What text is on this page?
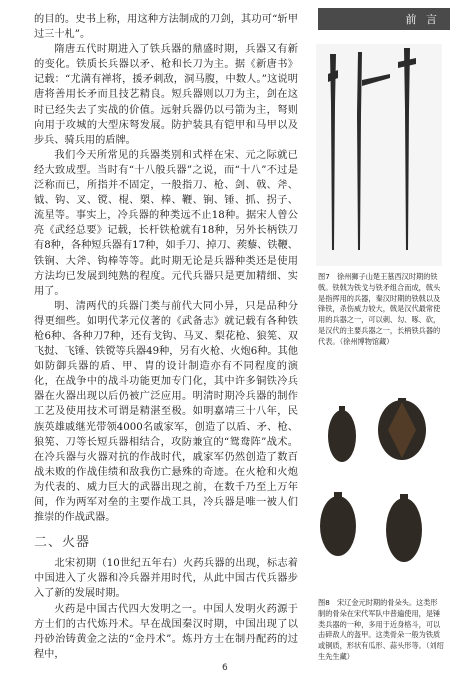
前 言

的目的。史书上称，用这种方法制成的刀剑，其功可“斩甲过三十札”。

隋唐五代时期进入了铁兵器的鼎盛时期，兵器又有新的变化。铁质长兵器以矛、枪和长刀为主。据《新唐书》记载：“尤满有禅将，援矛刺敌，洞马腹，中数人。”这说明唐将善用长矛而且技艺精良。短兵器则以刀为主，剑在这时已经失去了实战的价值。远射兵器仍以弓箭为主，弩则向用于攻城的大型床弩发展。防护装具有铠甲和马甲以及步兵、骑兵用的盾牌。

我们今天所常见的兵器类别和式样在宋、元之际就已经大致成型。当时有“十八般兵器”之说，而“十八”不过是泛称而已，所指并不固定，一般指刀、枪、剑、戟、斧、钺、钩、叉、镋、棍、槊、棒、鞭、锏、锤、抓、拐子、流星等。事实上，冷兵器的种类远不止18种。据宋人曾公亮《武经总要》记载，长杆铁枪就有18种，另外长柄铁刀有8种，各种短兵器有17种，如手刀、掉刀、蒺藜、铁鞭、铁锏、大斧、钩棒等等。此时期无论是兵器种类还是使用方法均已发展到纯熟的程度。元代兵器只是更加精细、实用了。

明、清两代的兵器门类与前代大同小异，只是品种分得更细些。如明代茅元仪著的《武备志》就记载有各种铁枪6种、各种刀7种，还有戈钩、马叉、梨花枪、狼筅、双飞挝、飞锤、铁镋等兵器49种，另有火枪、火炮6种。其他如防御兵器的盾、甲、胄的设计制造亦有不同程度的演化，在战争中的战斗功能更加专门化，其中许多铜铁冷兵器在火器出现以后仍被广泛应用。明清时期冷兵器的制作工艺及使用技术可谓是精湛至极。如明嘉靖三十八年，民族英雄戚继光带领4000名戚家军，创造了以盾、矛、枪、狼筅、刀等长短兵器相结合，攻防兼宜的“鸳鸯阵”战术。在冷兵器与火器对抗的作战时代，戚家军仍然创造了数百战未败的作战佳绩和敌我伤亡悬殊的奇迹。在火枪和火炮为代表的、威力巨大的武器出现之前，在数千乃至上万年间，作为两军对垒的主要作战工具，冷兵器是唯一被人们推崇的作战武器。

二、火器

北宋初期（10世纪五年右）火药兵器的出现，标志着中国进入了火器和冷兵器并用时代，从此中国古代兵器步入了新的发展时期。

火药是中国古代四大发明之一。中国人发明火药源于方士们的古代炼丹术。早在战国秦汉时期，中国出现了以丹砂治铸黄金之法的“金丹术”。炼丹方士在制丹配药的过程中，

图7　徐州狮子山楚王墓西汉时期的铁戟。铁戟为铁戈与铁矛组合而成，戟头是指挥用的兵器，秦汉时期的铁戟以及锋铁，杀伤威力较大，戟是汉代最常使用的兵器之一，可以刺、勾、啄、砍，是汉代的主要兵器之一，长柄铁兵器的代表。（徐州博物馆藏）
图8　宋辽金元时期的骨朵头。这类形制的骨朵在宋代军队中普遍使用，是锤类兵器的一种，多用于近身格斗，可以击碎敌人的盔甲。这类骨朵一般为铁质或铜质，形状有瓜形、蒜头形等。（刘绍生先生藏）
6
